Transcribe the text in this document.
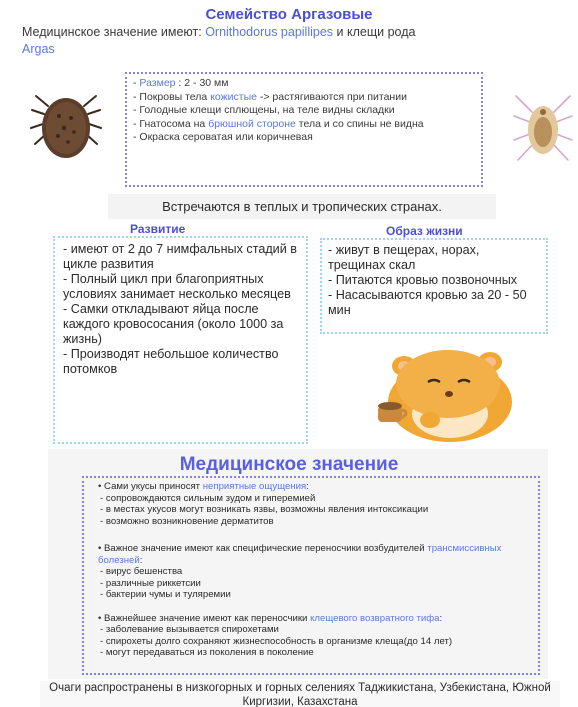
Семейство Аргазовые
Медицинское значение имеют: Ornithodorus papillipes и клещи рода
Argas
- Размер : 2 - 30 мм
- Покровы тела кожистые -> растягиваются при питании
- Голодные клещи сплющены, на теле видны складки
- Гнатосома на брюшной стороне тела и со спины не видна
- Окраска сероватая или коричневая
Встречаются в теплых и тропических странах.
Развитие
- имеют от 2 до 7 нимфальных стадий в цикле развития
- Полный цикл при благоприятных условиях занимает несколько месяцев
- Самки откладывают яйца после каждого кровососания (около 1000 за жизнь)
- Производят небольшое количество потомков
Образ жизни
- живут в пещерах, норах, трещинах скал
- Питаются кровью позвоночных
- Насасываются кровью за 20 - 50 мин
Медицинское значение
• Сами укусы приносят неприятные ощущения:
- сопровождаются сильным зудом и гиперемией
- в местах укусов могут возникать язвы, возможны явления интоксикации
- возможно возникновение дерматитов
• Важное значение имеют как специфические переносчики возбудителей трансмиссивных болезней:
- вирус бешенства
- различные риккетсии
- бактерии чумы и туляремии
• Важнейшее значение имеют как переносчики клещевого возвратного тифа:
- заболевание вызывается спирохетами
- спирохеты долго сохраняют жизнеспособность в организме клеща(до 14 лет)
- могут передаваться из поколения в поколение
Очаги распространены в низкогорных и горных селениях Таджикистана, Узбекистана, Южной Киргизии, Казахстана
